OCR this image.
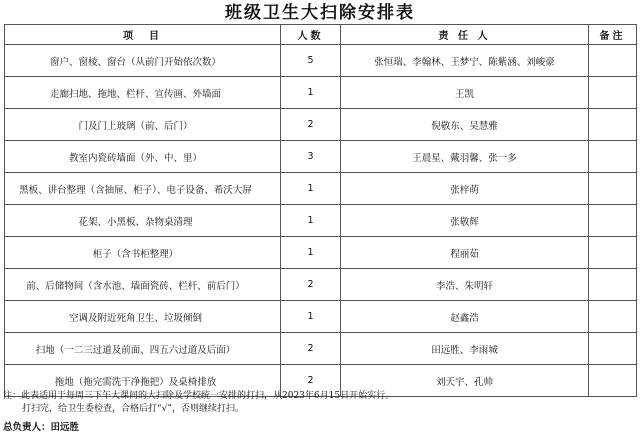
班级卫生大扫除安排表
项　目	人数	责 任 人	备注
窗户、窗棱、窗台（从前门开始依次数）	5	张恒瑞、李翰林、王梦宁、陈紫涵、刘峻豪	
走廊扫地、拖地、栏杆、宣传画、外墙面	1	王凯	
门及门上玻璃（前、后门）	2	倪敬东、吴慧雅	
教室内瓷砖墙面（外、中、里）	3	王晨星、戴羽馨、张一多	
黑板、讲台整理（含抽屉、柜子）、电子设备、希沃大屏	1	张梓萌	
花架、小黑板、杂物桌清理	1	张敬辉	
柜子（含书柜整理）	1	程丽茹	
前、后储物间（含水池、墙面瓷砖、栏杆、前后门）	2	李浩、朱明轩	
空调及附近死角卫生、垃圾倾倒	1	赵鑫浩	
扫地（一二三过道及前面、四五六过道及后面）	2	田远胜、李雨城	
拖地（拖完需洗干净拖把）及桌椅排放	2	刘天宇、孔帅	
注：此表适用于每周三下午大课间的大扫除及学校统一安排的打扫，从2023年6月15日开始实行。
打扫完，给卫生委检查，合格后打“√”，否则继续打扫。
总负责人：田远胜
